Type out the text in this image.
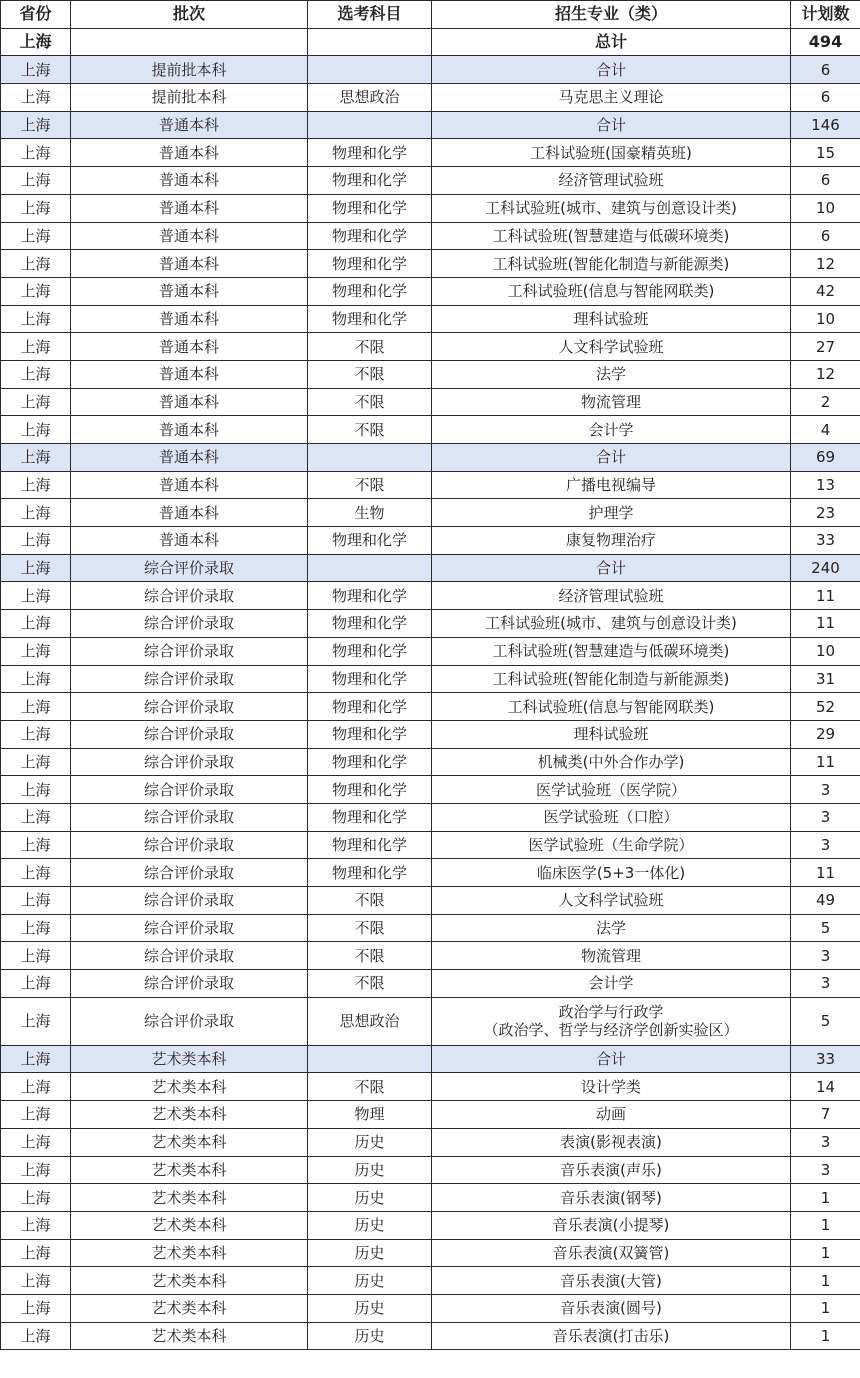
省份	批次	选考科目	招生专业（类）	计划数
上海			总计	494
上海	提前批本科		合计	6
上海	提前批本科	思想政治	马克思主义理论	6
上海	普通本科		合计	146
上海	普通本科	物理和化学	工科试验班(国豪精英班)	15
上海	普通本科	物理和化学	经济管理试验班	6
上海	普通本科	物理和化学	工科试验班(城市、建筑与创意设计类)	10
上海	普通本科	物理和化学	工科试验班(智慧建造与低碳环境类)	6
上海	普通本科	物理和化学	工科试验班(智能化制造与新能源类)	12
上海	普通本科	物理和化学	工科试验班(信息与智能网联类)	42
上海	普通本科	物理和化学	理科试验班	10
上海	普通本科	不限	人文科学试验班	27
上海	普通本科	不限	法学	12
上海	普通本科	不限	物流管理	2
上海	普通本科	不限	会计学	4
上海	普通本科		合计	69
上海	普通本科	不限	广播电视编导	13
上海	普通本科	生物	护理学	23
上海	普通本科	物理和化学	康复物理治疗	33
上海	综合评价录取		合计	240
上海	综合评价录取	物理和化学	经济管理试验班	11
上海	综合评价录取	物理和化学	工科试验班(城市、建筑与创意设计类)	11
上海	综合评价录取	物理和化学	工科试验班(智慧建造与低碳环境类)	10
上海	综合评价录取	物理和化学	工科试验班(智能化制造与新能源类)	31
上海	综合评价录取	物理和化学	工科试验班(信息与智能网联类)	52
上海	综合评价录取	物理和化学	理科试验班	29
上海	综合评价录取	物理和化学	机械类(中外合作办学)	11
上海	综合评价录取	物理和化学	医学试验班（医学院）	3
上海	综合评价录取	物理和化学	医学试验班（口腔）	3
上海	综合评价录取	物理和化学	医学试验班（生命学院）	3
上海	综合评价录取	物理和化学	临床医学(5+3一体化)	11
上海	综合评价录取	不限	人文科学试验班	49
上海	综合评价录取	不限	法学	5
上海	综合评价录取	不限	物流管理	3
上海	综合评价录取	不限	会计学	3
上海	综合评价录取	思想政治	政治学与行政学
（政治学、哲学与经济学创新实验区）	5
上海	艺术类本科		合计	33
上海	艺术类本科	不限	设计学类	14
上海	艺术类本科	物理	动画	7
上海	艺术类本科	历史	表演(影视表演)	3
上海	艺术类本科	历史	音乐表演(声乐)	3
上海	艺术类本科	历史	音乐表演(钢琴)	1
上海	艺术类本科	历史	音乐表演(小提琴)	1
上海	艺术类本科	历史	音乐表演(双簧管)	1
上海	艺术类本科	历史	音乐表演(大管)	1
上海	艺术类本科	历史	音乐表演(圆号)	1
上海	艺术类本科	历史	音乐表演(打击乐)	1
